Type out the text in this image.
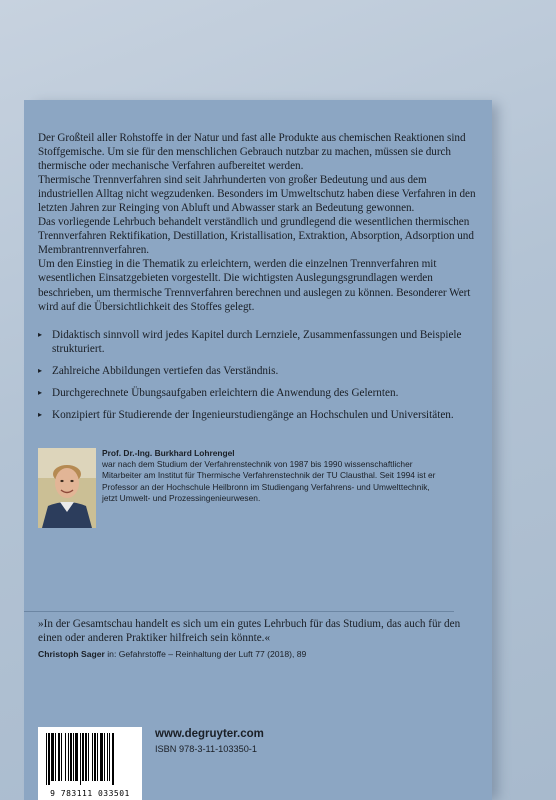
Der Großteil aller Rohstoffe in der Natur und fast alle Produkte aus chemischen Reaktionen sind Stoffgemische. Um sie für den menschlichen Gebrauch nutzbar zu machen, müssen sie durch thermische oder mechanische Verfahren aufbereitet werden.

Thermische Trennverfahren sind seit Jahrhunderten von großer Bedeutung und aus dem industriellen Alltag nicht wegzudenken. Besonders im Umweltschutz haben diese Verfahren in den letzten Jahren zur Reinging von Abluft und Abwasser stark an Bedeutung gewonnen.

Das vorliegende Lehrbuch behandelt verständlich und grundlegend die wesentlichen thermischen Trennverfahren Rektifikation, Destillation, Kristallisation, Extraktion, Absorption, Adsorption und Membrantrennverfahren.

Um den Einstieg in die Thematik zu erleichtern, werden die einzelnen Trennverfahren mit wesentlichen Einsatzgebieten vorgestellt. Die wichtigsten Auslegungsgrundlagen werden beschrieben, um thermische Trennverfahren berechnen und auslegen zu können. Besonderer Wert wird auf die Übersichtlichkeit des Stoffes gelegt.

▸ Didaktisch sinnvoll wird jedes Kapitel durch Lernziele, Zusammenfassungen und Beispiele strukturiert.
▸ Zahlreiche Abbildungen vertiefen das Verständnis.
▸ Durchgerechnete Übungsaufgaben erleichtern die Anwendung des Gelernten.
▸ Konzipiert für Studierende der Ingenieurstudiengänge an Hochschulen und Universitäten.
Prof. Dr.-Ing. Burkhard Lohrengel
war nach dem Studium der Verfahrenstechnik von 1987 bis 1990 wissenschaftlicher Mitarbeiter am Institut für Thermische Verfahrenstechnik der TU Clausthal. Seit 1994 ist er Professor an der Hochschule Heilbronn im Studiengang Verfahrens- und Umwelttechnik, jetzt Umwelt- und Prozessingenieurwesen.
»In der Gesamtschau handelt es sich um ein gutes Lehrbuch für das Studium, das auch für den einen oder anderen Praktiker hilfreich sein könnte.«
Christoph Sager in: Gefahrstoffe – Reinhaltung der Luft 77 (2018), 89
9 783111 033501
www.degruyter.com
ISBN 978-3-11-103350-1
